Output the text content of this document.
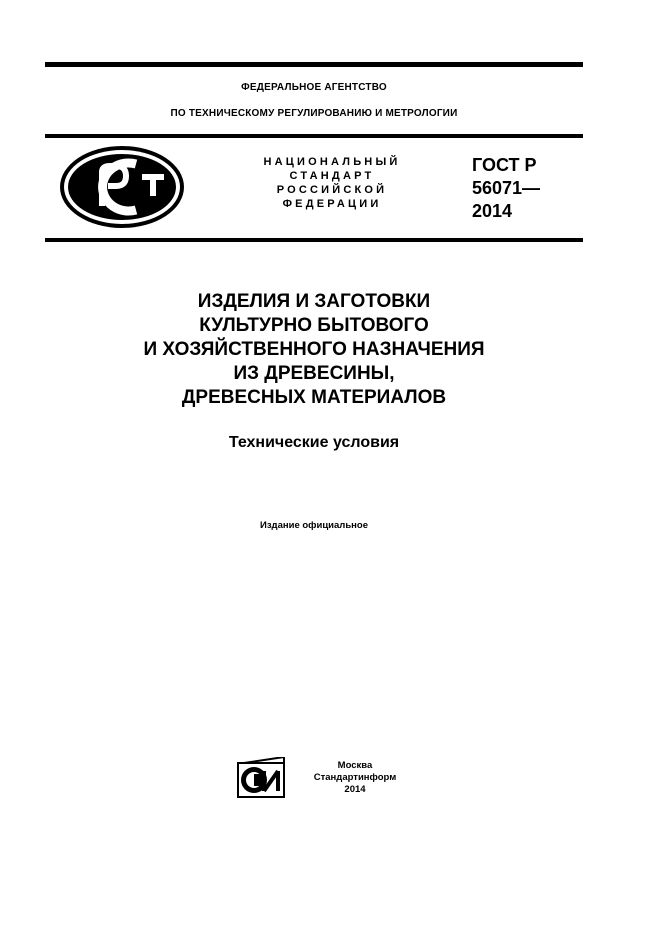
ФЕДЕРАЛЬНОЕ АГЕНТСТВО
ПО ТЕХНИЧЕСКОМУ РЕГУЛИРОВАНИЮ И МЕТРОЛОГИИ
НАЦИОНАЛЬНЫЙ
СТАНДАРТ
РОССИЙСКОЙ
ФЕДЕРАЦИИ
ГОСТ Р
56071—
2014
ИЗДЕЛИЯ И ЗАГОТОВКИ
КУЛЬТУРНО БЫТОВОГО
И ХОЗЯЙСТВЕННОГО НАЗНАЧЕНИЯ
ИЗ ДРЕВЕСИНЫ,
ДРЕВЕСНЫХ МАТЕРИАЛОВ
Технические условия
Издание официальное
Москва
Стандартинформ
2014
